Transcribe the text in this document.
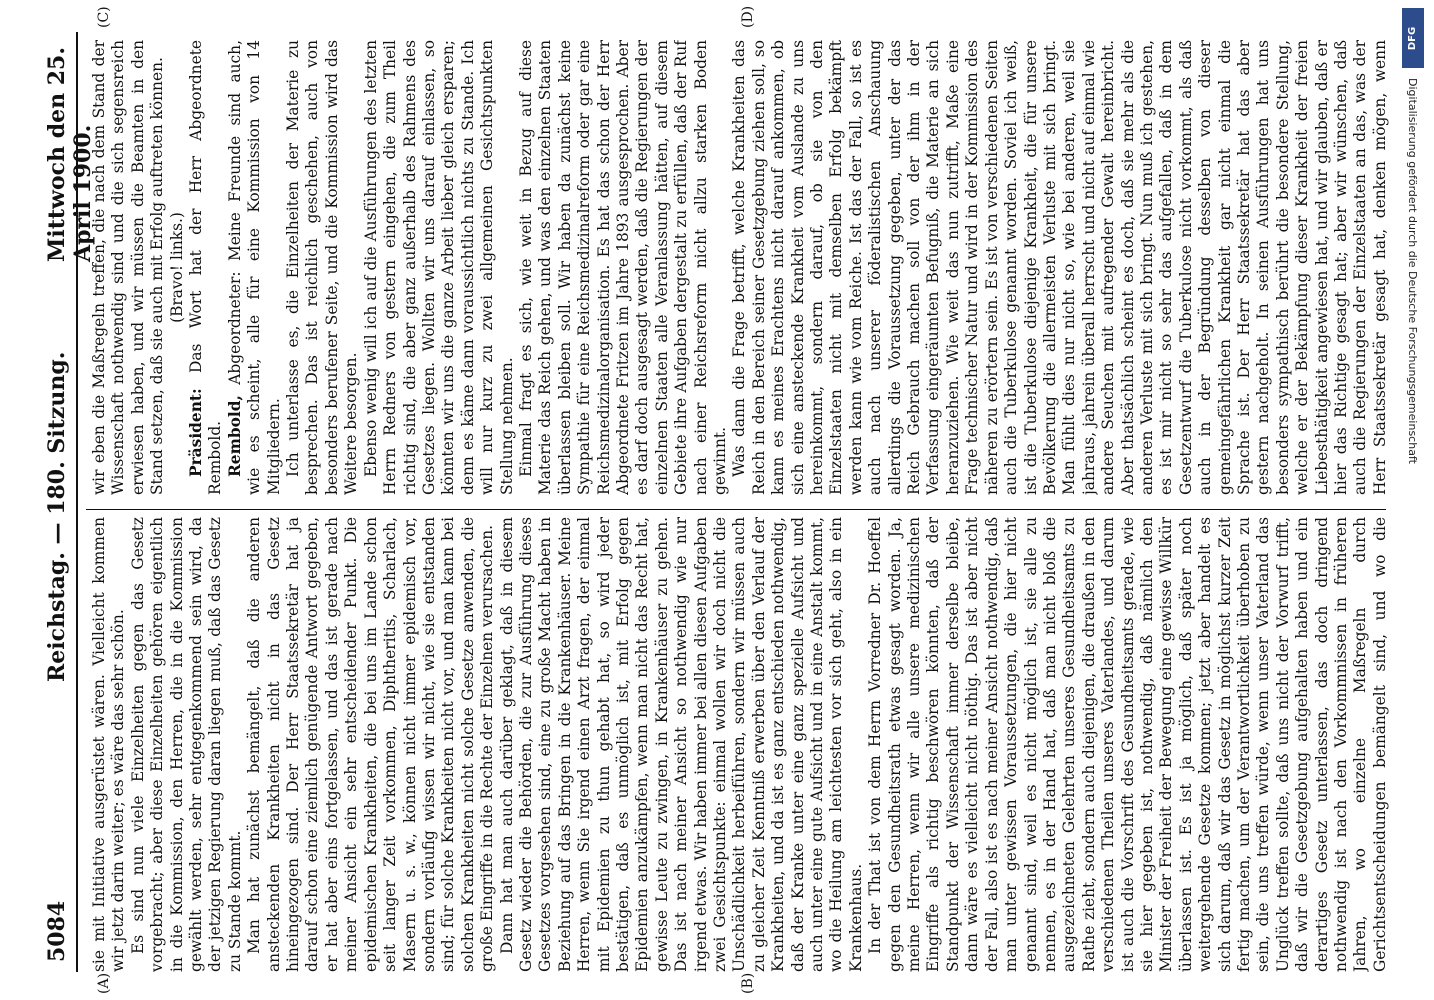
5084
Reichstag. — 180. Sitzung.
Mittwoch den 25. April 1900.
(A)	(B)
(C)	(D)

sie mit Initiative ausgerüstet wären. Vielleicht kommen wir jetzt darin weiter; es wäre das sehr schön. Es sind nun viele Einzelheiten gegen das Gesetz vorgebracht; aber diese Einzelheiten gehören eigentlich in die Kommission, den Herren, die in die Kommission gewählt werden, sehr entgegenkommend sein wird, da der jetzigen Regierung daran liegen muß, daß das Gesetz zu Stande kommt. Man hat zunächst bemängelt, daß die anderen ansteckenden Krankheiten nicht in das Gesetz hineingezogen sind. Der Herr Staatssekretär hat ja darauf schon eine ziemlich genügende Antwort gegeben, er hat aber eins fortgelassen, und das ist gerade nach meiner Ansicht ein sehr entscheidender Punkt. Die epidemischen Krankheiten, die bei uns im Lande schon seit langer Zeit vorkommen, Diphtheritis, Scharlach, Masern u. s. w., können nicht immer epidemisch vor, sondern vorläufig wissen wir nicht, wie sie entstanden sind; für solche Krankheiten nicht vor, und man kann bei solchen Krankheiten nicht solche Gesetze anwenden, die große Eingriffe in die Rechte der Einzelnen verursachen. Dann hat man auch darüber geklagt, daß in diesem Gesetz wieder die Behörden, die zur Ausführung dieses Gesetzes vorgesehen sind, eine zu große Macht haben in Beziehung auf das Bringen in die Krankenhäuser. Meine Herren, wenn Sie irgend einen Arzt fragen, der einmal mit Epidemien zu thun gehabt hat, so wird jeder bestätigen, daß es unmöglich ist, mit Erfolg gegen Epidemien anzukämpfen, wenn man nicht das Recht hat, gewisse Leute zu zwingen, in Krankenhäuser zu gehen. Das ist nach meiner Ansicht so nothwendig wie nur irgend etwas. Wir haben immer bei allen diesen Aufgaben zwei Gesichtspunkte: einmal wollen wir doch nicht die Unschädlichkeit herbeiführen, sondern wir müssen auch zu gleicher Zeit Kenntniß erwerben über den Verlauf der Krankheiten, und da ist es ganz entschieden nothwendig, daß der Kranke unter eine ganz spezielle Aufsicht und auch unter eine gute Aufsicht und in eine Anstalt kommt, wo die Heilung am leichtesten vor sich geht, also in ein Krankenhaus. In der That ist von dem Herrn Vorredner Dr. Hoeffel gegen den Gesundheitsrath etwas gesagt worden. Ja, meine Herren, wenn wir alle unsere medizinischen Eingriffe als richtig beschwören könnten, daß der Standpunkt der Wissenschaft immer derselbe bleibe, dann wäre es vielleicht nicht nöthig. Das ist aber nicht der Fall, also ist es nach meiner Ansicht nothwendig, daß man unter gewissen Voraussetzungen, die hier nicht genannt sind, weil es nicht möglich ist, sie alle zu nennen, es in der Hand hat, daß man nicht bloß die ausgezeichneten Gelehrten unseres Gesundheitsamts zu Rathe zieht, sondern auch diejenigen, die draußen in den verschiedenen Theilen unseres Vaterlandes, und darum ist auch die Vorschrift des Gesundheitsamts gerade, wie sie hier gegeben ist, nothwendig, daß nämlich den Minister der Freiheit der Bewegung eine gewisse Willkür überlassen ist. Es ist ja möglich, daß später noch weitergehende Gesetze kommen; jetzt aber handelt es sich darum, daß wir das Gesetz in möglichst kurzer Zeit fertig machen, um der Verantwortlichkeit überhoben zu sein, die uns treffen würde, wenn unser Vaterland das Unglück treffen sollte, daß uns nicht der Vorwurf trifft, daß wir die Gesetzgebung aufgehalten haben und ein derartiges Gesetz unterlassen, das doch dringend nothwendig ist nach den Vorkommnissen in früheren Jahren, wo einzelne Maßregeln durch Gerichtsentscheidungen bemängelt sind, und wo die

wir eben die Maßregeln treffen, die nach dem Stand der Wissenschaft nothwendig sind und die sich segensreich erwiesen haben, und wir müssen die Beamten in den Stand setzen, daß sie auch mit Erfolg auftreten können. (Bravo! links.)

Präsident: Das Wort hat der Herr Abgeordnete Rembold. Rembold, Abgeordneter: Meine Freunde sind auch, wie es scheint, alle für eine Kommission von 14 Mitgliedern. Ich unterlasse es, die Einzelheiten der Materie zu besprechen. Das ist reichlich geschehen, auch von besonders berufener Seite, und die Kommission wird das Weitere besorgen. Ebenso wenig will ich auf die Ausführungen des letzten Herrn Redners von gestern eingehen, die zum Theil richtig sind, die aber ganz außerhalb des Rahmens des Gesetzes liegen. Wollten wir uns darauf einlassen, so könnten wir uns die ganze Arbeit lieber gleich ersparen; denn es käme dann voraussichtlich nichts zu Stande. Ich will nur kurz zu zwei allgemeinen Gesichtspunkten Stellung nehmen. Einmal fragt es sich, wie weit in Bezug auf diese Materie das Reich gehen, und was den einzelnen Staaten überlassen bleiben soll. Wir haben da zunächst keine Sympathie für eine Reichsmedizinalreform oder gar eine Reichsmedizinalorganisation. Es hat das schon der Herr Abgeordnete Fritzen im Jahre 1893 ausgesprochen. Aber es darf doch ausgesagt werden, daß die Regierungen der einzelnen Staaten alle Veranlassung hätten, auf diesem Gebiete ihre Aufgaben dergestalt zu erfüllen, daß der Ruf nach einer Reichsreform nicht allzu starken Boden gewinnt. Was dann die Frage betrifft, welche Krankheiten das Reich in den Bereich seiner Gesetzgebung ziehen soll, so kann es meines Erachtens nicht darauf ankommen, ob sich eine ansteckende Krankheit vom Auslande zu uns hereinkommt, sondern darauf, ob sie von den Einzelstaaten nicht mit demselben Erfolg bekämpft werden kann wie vom Reiche. Ist das der Fall, so ist es auch nach unserer föderalistischen Anschauung allerdings die Voraussetzung gegeben, unter der das Reich Gebrauch machen soll von der ihm in der Verfassung eingeräumten Befugniß, die Materie an sich heranzuziehen. Wie weit das nun zutrifft, Maße eine Frage technischer Natur und wird in der Kommission des näheren zu erörtern sein. Es ist von verschiedenen Seiten auch die Tuberkulose genannt worden. Soviel ich weiß, ist die Tuberkulose diejenige Krankheit, die für unsere Bevölkerung die allermeisten Verluste mit sich bringt. Man fühlt dies nur nicht so, wie bei anderen, weil sie jahraus, jahrein überall herrscht und nicht auf einmal wie andere Seuchen mit aufregender Gewalt hereinbricht. Aber thatsächlich scheint es doch, daß sie mehr als die anderen Verluste mit sich bringt. Nun muß ich gestehen, es ist mir nicht so sehr das aufgefallen, daß in dem Gesetzentwurf die Tuberkulose nicht vorkommt, als daß auch in der Begründung desselben von dieser gemeingefährlichen Krankheit gar nicht einmal die Sprache ist. Der Herr Staatssekretär hat das aber gestern nachgeholt. In seinen Ausführungen hat uns besonders sympathisch berührt die besondere Stellung, welche er der Bekämpfung dieser Krankheit der freien Liebesthätigkeit angewiesen hat, und wir glauben, daß er hier das Richtige gesagt hat; aber wir wünschen, daß auch die Regierungen der Einzelstaaten an das, was der Herr Staatssekretär gesagt hat, denken mögen, wenn

DFG
Digitalisierung gefördert durch die Deutsche Forschungsgemeinschaft
